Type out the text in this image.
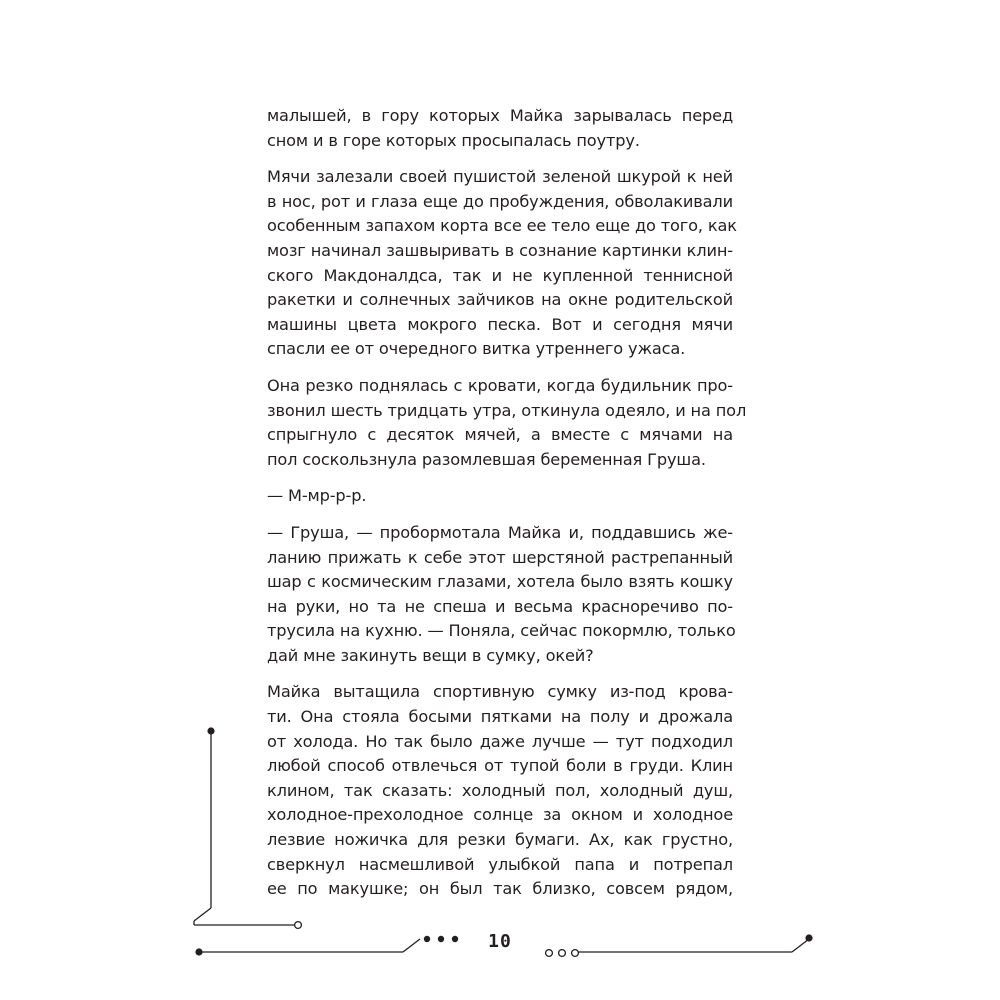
малышей, в гору которых Майка зарывалась перед
сном и в горе которых просыпалась поутру.

Мячи залезали своей пушистой зеленой шкурой к ней
в нос, рот и глаза еще до пробуждения, обволакивали
особенным запахом корта все ее тело еще до того, как
мозг начинал зашвыривать в сознание картинки клин-
ского Макдоналдса, так и не купленной теннисной
ракетки и солнечных зайчиков на окне родительской
машины цвета мокрого песка. Вот и сегодня мячи
спасли ее от очередного витка утреннего ужаса.

Она резко поднялась с кровати, когда будильник про-
звонил шесть тридцать утра, откинула одеяло, и на пол
спрыгнуло с десяток мячей, а вместе с мячами на
пол соскользнула разомлевшая беременная Груша.

— М-мр-р-р.

— Груша, — пробормотала Майка и, поддавшись же-
ланию прижать к себе этот шерстяной растрепанный
шар с космическим глазами, хотела было взять кошку
на руки, но та не спеша и весьма красноречиво по-
трусила на кухню. — Поняла, сейчас покормлю, только
дай мне закинуть вещи в сумку, окей?

Майка вытащила спортивную сумку из-под крова-
ти. Она стояла босыми пятками на полу и дрожала
от холода. Но так было даже лучше — тут подходил
любой способ отвлечься от тупой боли в груди. Клин
клином, так сказать: холодный пол, холодный душ,
холодное-прехолодное солнце за окном и холодное
лезвие ножичка для резки бумаги. Ах, как грустно,
сверкнул насмешливой улыбкой папа и потрепал
ее по макушке; он был так близко, совсем рядом,

10
